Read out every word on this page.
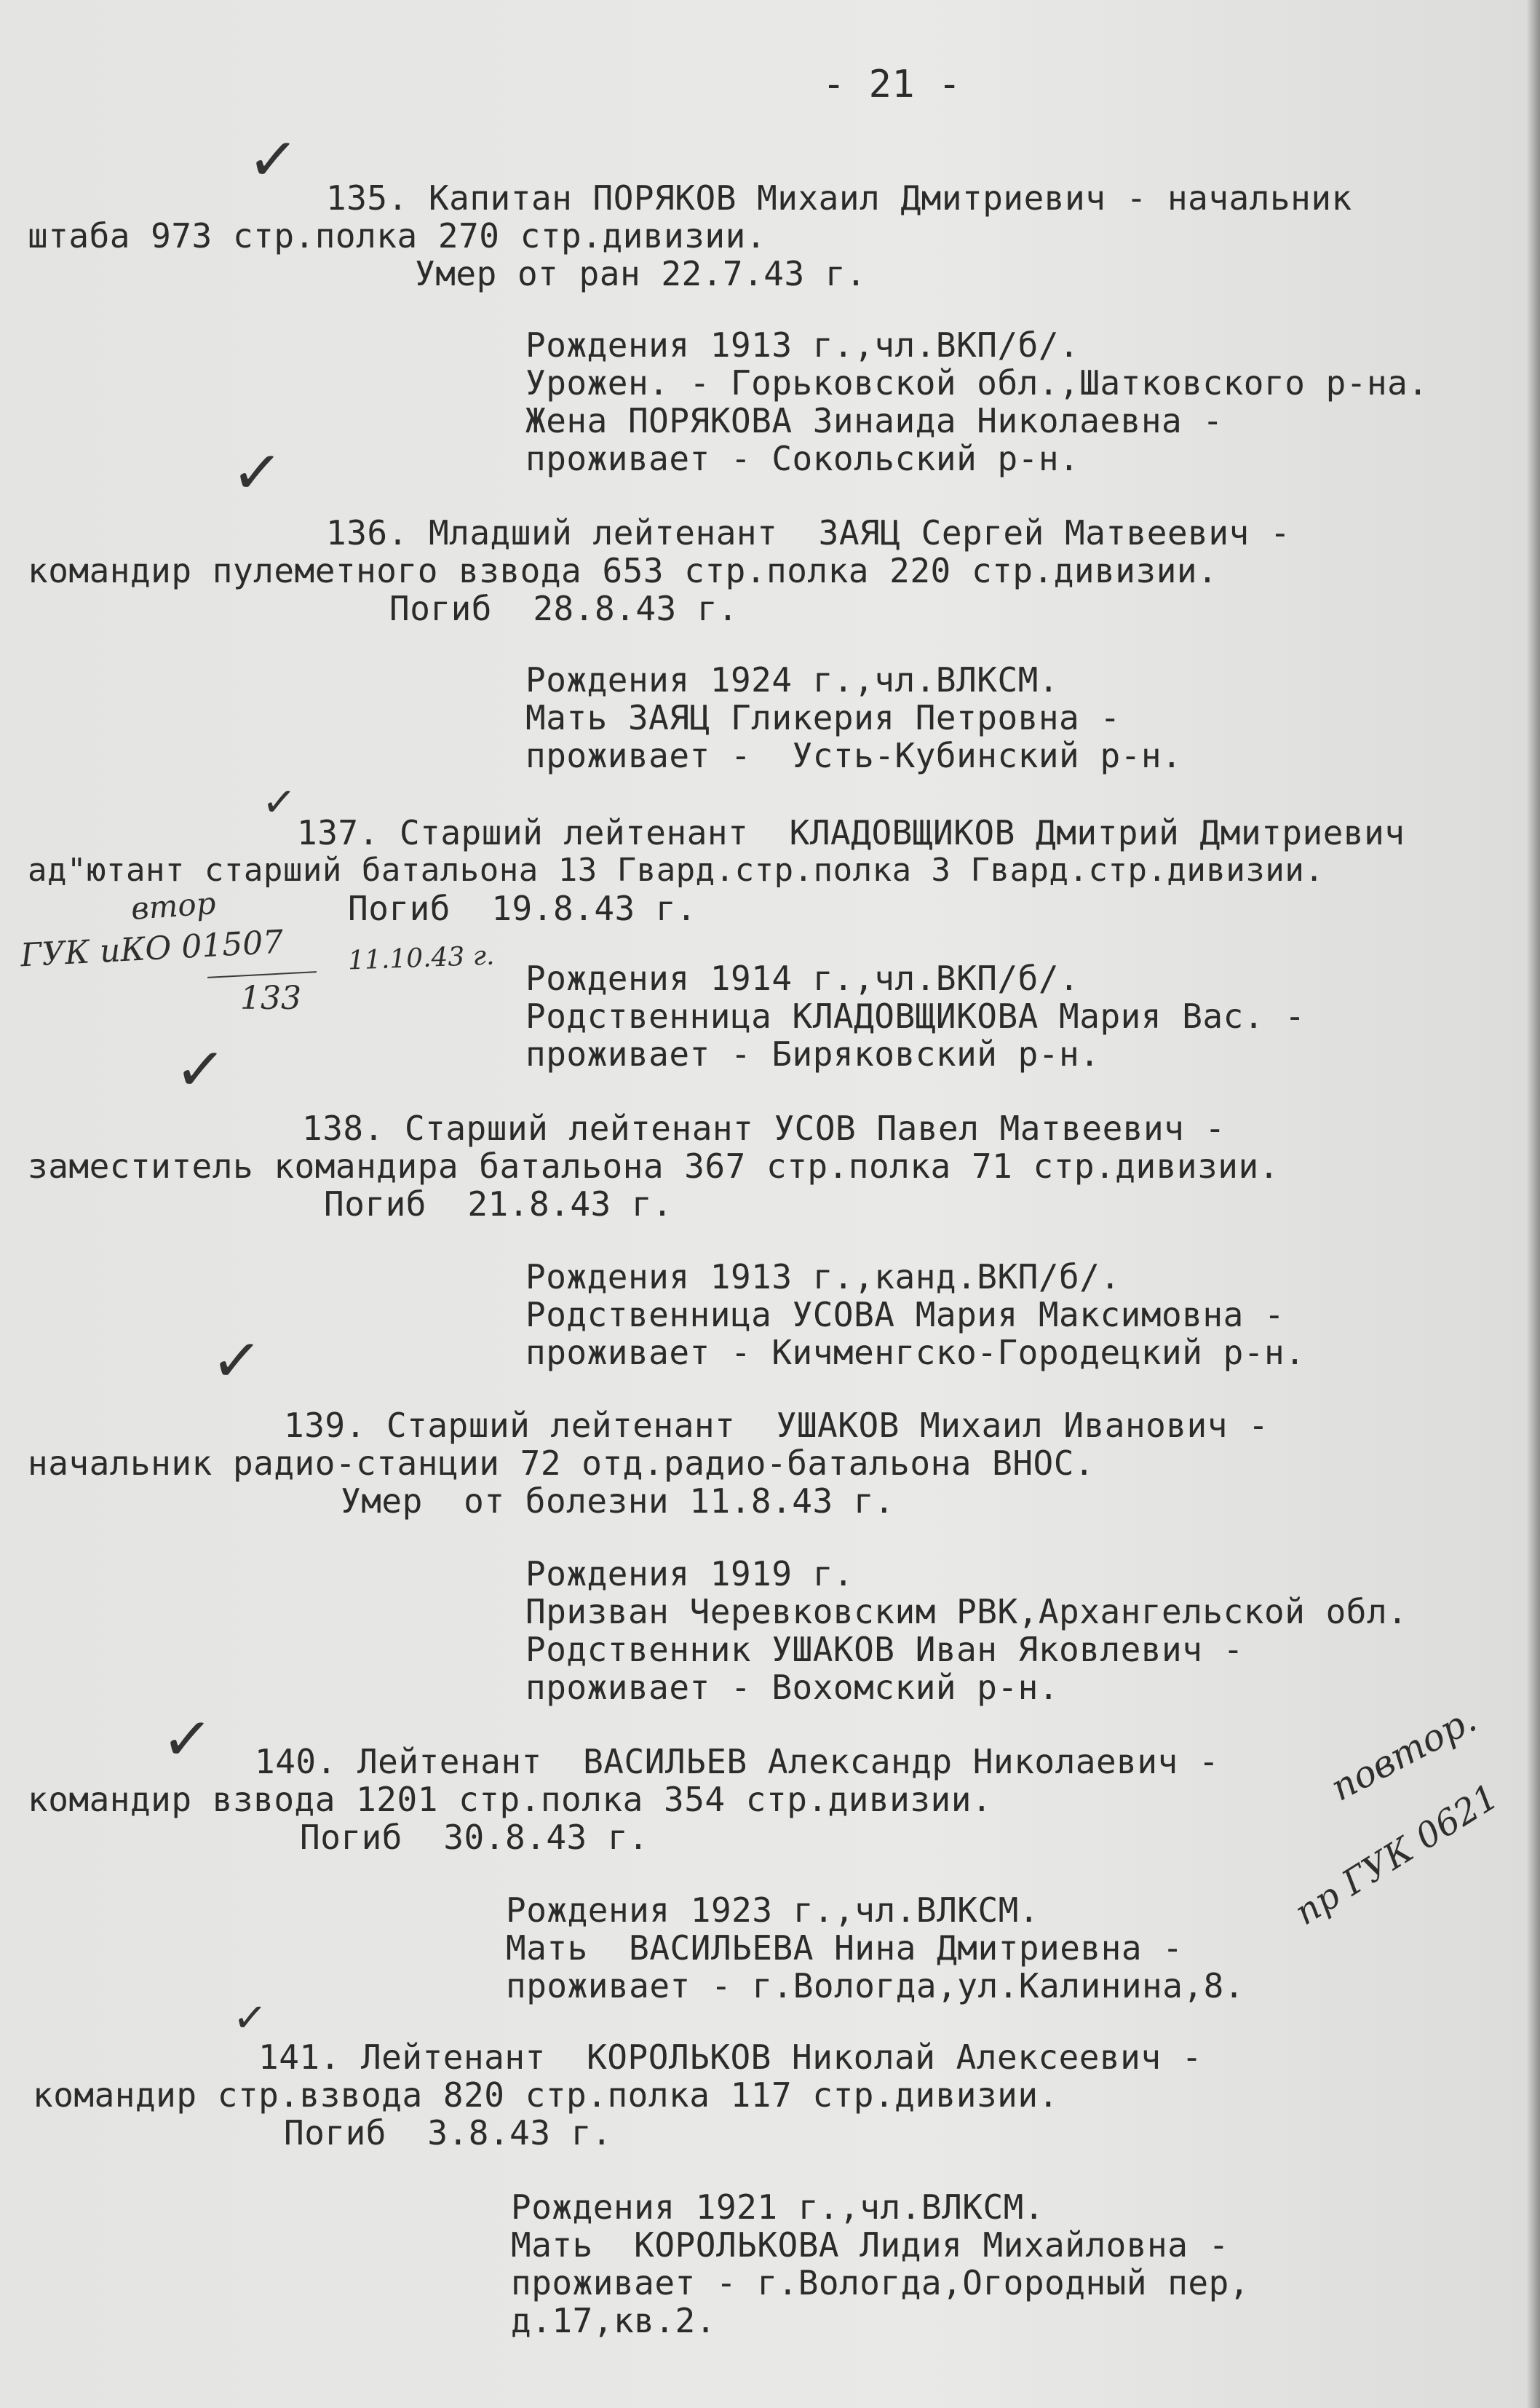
- 21 -
✓
✓
✓
✓
✓
✓
✓
135. Капитан ПОРЯКОВ Михаил Дмитриевич - начальник
штаба 973 стр.полка 270 стр.дивизии.
Умер от ран 22.7.43 г.
Рождения 1913 г.,чл.ВКП/б/.
Урожен. - Горьковской обл.,Шатковского р-на.
Жена ПОРЯКОВА Зинаида Николаевна -
проживает - Сокольский р-н.
136. Младший лейтенант  ЗАЯЦ Сергей Матвеевич -
командир пулеметного взвода 653 стр.полка 220 стр.дивизии.
Погиб  28.8.43 г.
Рождения 1924 г.,чл.ВЛКСМ.
Мать ЗАЯЦ Гликерия Петровна -
проживает -  Усть-Кубинский р-н.
137. Старший лейтенант  КЛАДОВЩИКОВ Дмитрий Дмитриевич
ад"ютант старший батальона 13 Гвард.стр.полка 3 Гвард.стр.дивизии.
Погиб  19.8.43 г.
Рождения 1914 г.,чл.ВКП/б/.
Родственница КЛАДОВЩИКОВА Мария Вас. -
проживает - Биряковский р-н.
втор
ГУК иКО 01507
133
11.10.43 г.
138. Старший лейтенант УСОВ Павел Матвеевич -
заместитель командира батальона 367 стр.полка 71 стр.дивизии.
Погиб  21.8.43 г.
Рождения 1913 г.,канд.ВКП/б/.
Родственница УСОВА Мария Максимовна -
проживает - Кичменгско-Городецкий р-н.
139. Старший лейтенант  УШАКОВ Михаил Иванович -
начальник радио-станции 72 отд.радио-батальона ВНОС.
Умер  от болезни 11.8.43 г.
Рождения 1919 г.
Призван Черевковским РВК,Архангельской обл.
Родственник УШАКОВ Иван Яковлевич -
проживает - Вохомский р-н.
140. Лейтенант  ВАСИЛЬЕВ Александр Николаевич -
командир взвода 1201 стр.полка 354 стр.дивизии.
Погиб  30.8.43 г.
Рождения 1923 г.,чл.ВЛКСМ.
Мать  ВАСИЛЬЕВА Нина Дмитриевна -
проживает - г.Вологда,ул.Калинина,8.
повтор.
пр ГУК 0621
141. Лейтенант  КОРОЛЬКОВ Николай Алексеевич -
командир стр.взвода 820 стр.полка 117 стр.дивизии.
Погиб  3.8.43 г.
Рождения 1921 г.,чл.ВЛКСМ.
Мать  КОРОЛЬКОВА Лидия Михайловна -
проживает - г.Вологда,Огородный пер,
д.17,кв.2.
